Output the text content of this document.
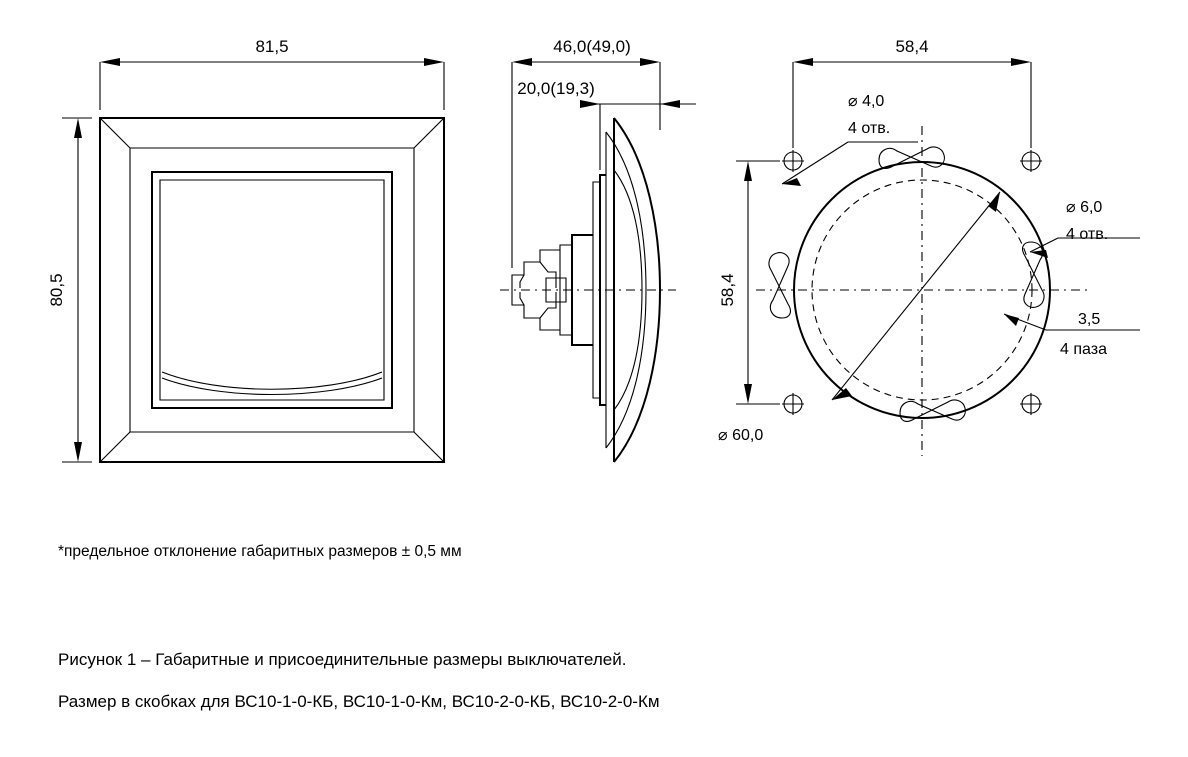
81,5
80,5
46,0(49,0)
20,0(19,3)
58,4
58,4
⌀ 4,0
4 отв.
⌀ 6,0
4 отв.
3,5
4 паза
⌀ 60,0
*предельное отклонение габаритных размеров ± 0,5 мм
Рисунок 1 – Габаритные и присоединительные размеры выключателей.
Размер в скобках для ВС10-1-0-КБ, ВС10-1-0-Км, ВС10-2-0-КБ, ВС10-2-0-Км
